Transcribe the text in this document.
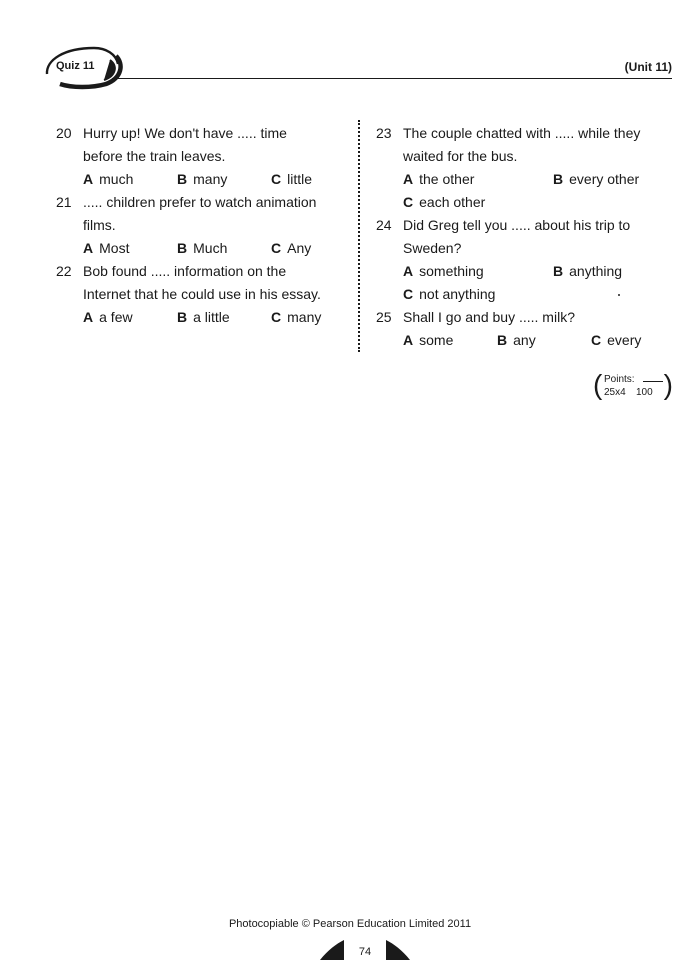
Quiz 11	(Unit 11)
20 Hurry up! We don't have ..... time
before the train leaves.
A much	B many	C little
21 ..... children prefer to watch animation
films.
A Most	B Much	C Any
22 Bob found ..... information on the
Internet that he could use in his essay.
A a few	B a little	C many
23 The couple chatted with ..... while they
waited for the bus.
A the other	B every other
C each other
24 Did Greg tell you ..... about his trip to
Sweden?
A something	B anything
C not anything
25 Shall I go and buy ..... milk?
A some	B any	C every
( Points:
25x4 100 )
Photocopiable © Pearson Education Limited 2011
74
